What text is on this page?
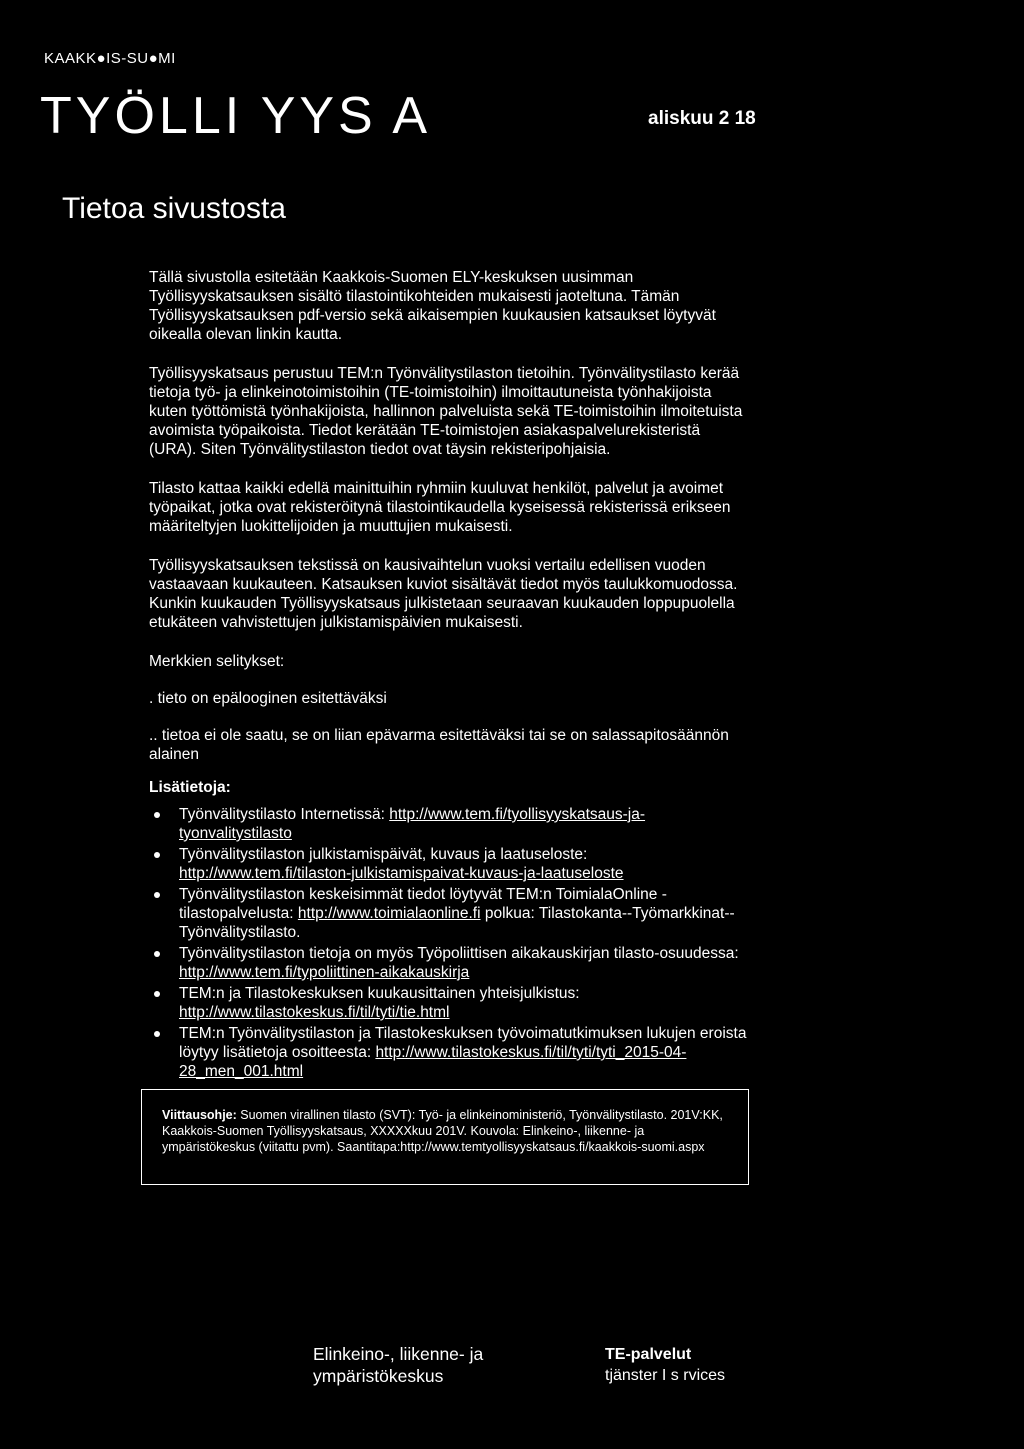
KAAKK●IS-SU●MI
TYÖLLI YYS A	aliskuu 2 18
Tietoa sivustosta

Tällä sivustolla esitetään Kaakkois-Suomen ELY-keskuksen uusimman Työllisyyskatsauksen sisältö tilastointikohteiden mukaisesti jaoteltuna. Tämän Työllisyyskatsauksen pdf-versio sekä aikaisempien kuukausien katsaukset löytyvät oikealla olevan linkin kautta.

Työllisyyskatsaus perustuu TEM:n Työnvälitystilaston tietoihin. Työnvälitystilasto kerää tietoja työ- ja elinkeinotoimistoihin (TE-toimistoihin) ilmoittautuneista työnhakijoista kuten työttömistä työnhakijoista, hallinnon palveluista sekä TE-toimistoihin ilmoitetuista avoimista työpaikoista. Tiedot kerätään TE-toimistojen asiakaspalvelurekisteristä (URA). Siten Työnvälitystilaston tiedot ovat täysin rekisteripohjaisia.

Tilasto kattaa kaikki edellä mainittuihin ryhmiin kuuluvat henkilöt, palvelut ja avoimet työpaikat, jotka ovat rekisteröitynä tilastointikaudella kyseisessä rekisterissä erikseen määriteltyjen luokittelijoiden ja muuttujien mukaisesti.

Työllisyyskatsauksen tekstissä on kausivaihtelun vuoksi vertailu edellisen vuoden vastaavaan kuukauteen. Katsauksen kuviot sisältävät tiedot myös taulukkomuodossa. Kunkin kuukauden Työllisyyskatsaus julkistetaan seuraavan kuukauden loppupuolella etukäteen vahvistettujen julkistamispäivien mukaisesti.

Merkkien selitykset:
. tieto on epälooginen esitettäväksi
.. tietoa ei ole saatu, se on liian epävarma esitettäväksi tai se on salassapitosäännön alainen
Lisätietoja:
Työnvälitystilasto Internetissä: http://www.tem.fi/tyollisyyskatsaus-ja-tyonvalitystilasto
Työnvälitystilaston julkistamispäivät, kuvaus ja laatuseloste: http://www.tem.fi/tilaston-julkistamispaivat-kuvaus-ja-laatuseloste
Työnvälitystilaston keskeisimmät tiedot löytyvät TEM:n ToimialaOnline -tilastopalvelusta: http://www.toimialaonline.fi polkua: Tilastokanta--Työmarkkinat--Työnvälitystilasto.
Työnvälitystilaston tietoja on myös Työpoliittisen aikakauskirjan tilasto-osuudessa: http://www.tem.fi/typoliittinen-aikakauskirja
TEM:n ja Tilastokeskuksen kuukausittainen yhteisjulkistus: http://www.tilastokeskus.fi/til/tyti/tie.html
TEM:n Työnvälitystilaston ja Tilastokeskuksen työvoimatutkimuksen lukujen eroista löytyy lisätietoja osoitteesta: http://www.tilastokeskus.fi/til/tyti/tyti_2015-04-28_men_001.html
Viittausohje: Suomen virallinen tilasto (SVT): Työ- ja elinkeinoministeriö, Työnvälitystilasto. 201V:KK, Kaakkois-Suomen Työllisyyskatsaus, XXXXXkuu 201V. Kouvola: Elinkeino-, liikenne- ja ympäristökeskus (viitattu pvm). Saantitapa:http://www.temtyollisyyskatsaus.fi/kaakkois-suomi.aspx
Elinkeino-, liikenne- ja
ympäristökeskus
TE-palvelut
tjänster I s rvices
